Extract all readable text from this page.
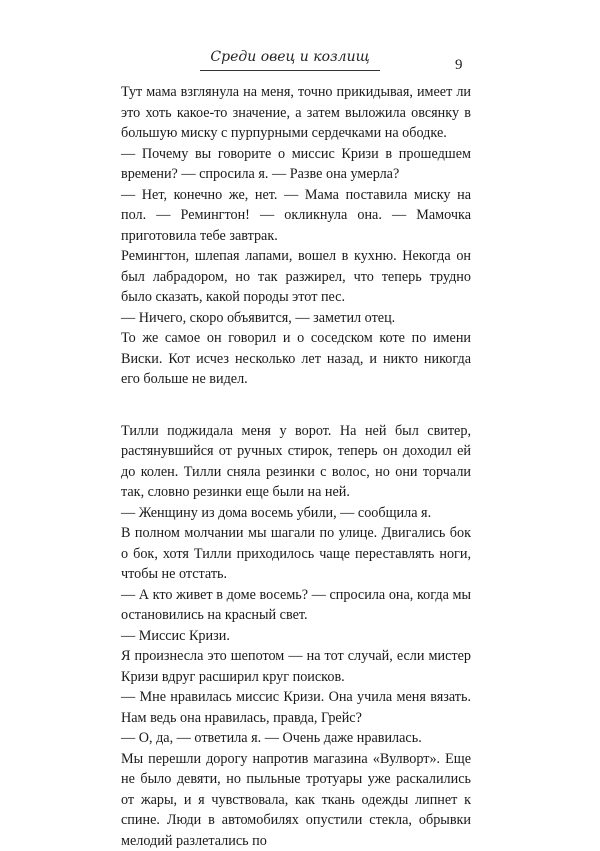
Среди овец и козлищ	9

Тут мама взглянула на меня, точно прикидывая, имеет ли это хоть какое-то значение, а затем выложила овсянку в большую миску с пурпурными сердечками на ободке.

— Почему вы говорите о миссис Кризи в прошедшем времени? — спросила я. — Разве она умерла?

— Нет, конечно же, нет. — Мама поставила миску на пол. — Ремингтон! — окликнула она. — Мамочка приготовила тебе завтрак.

Ремингтон, шлепая лапами, вошел в кухню. Некогда он был лабрадором, но так разжирел, что теперь трудно было сказать, какой породы этот пес.

— Ничего, скоро объявится, — заметил отец.

То же самое он говорил и о соседском коте по имени Виски. Кот исчез несколько лет назад, и никто никогда его больше не видел.

Тилли поджидала меня у ворот. На ней был свитер, растянувшийся от ручных стирок, теперь он доходил ей до колен. Тилли сняла резинки с волос, но они торчали так, словно резинки еще были на ней.

— Женщину из дома восемь убили, — сообщила я.

В полном молчании мы шагали по улице. Двигались бок о бок, хотя Тилли приходилось чаще переставлять ноги, чтобы не отстать.

— А кто живет в доме восемь? — спросила она, когда мы остановились на красный свет.

— Миссис Кризи.

Я произнесла это шепотом — на тот случай, если мистер Кризи вдруг расширил круг поисков.

— Мне нравилась миссис Кризи. Она учила меня вязать. Нам ведь она нравилась, правда, Грейс?

— О, да, — ответила я. — Очень даже нравилась.

Мы перешли дорогу напротив магазина «Вулворт». Еще не было девяти, но пыльные тротуары уже раскалились от жары, и я чувствовала, как ткань одежды липнет к спине. Люди в автомобилях опустили стекла, обрывки мелодий разлетались по
